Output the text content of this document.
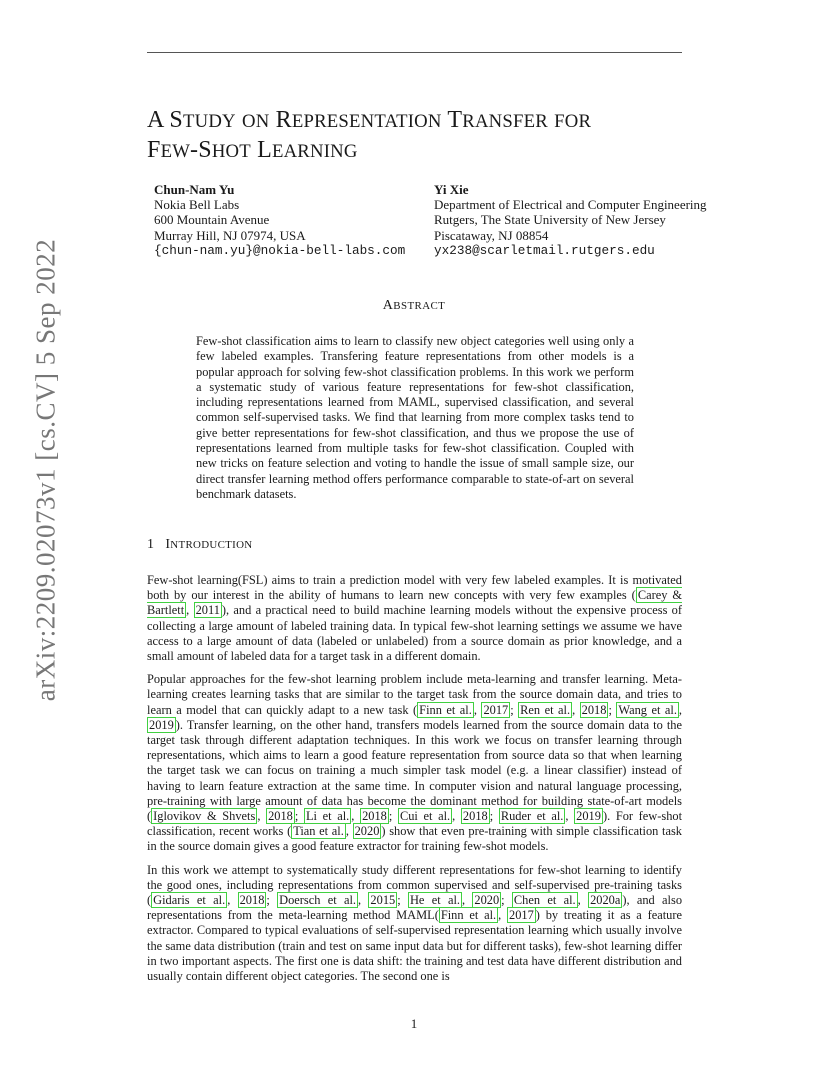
arXiv:2209.02073v1 [cs.CV] 5 Sep 2022
A STUDY ON REPRESENTATION TRANSFER FOR
FEW-SHOT LEARNING
Chun-Nam Yu
Nokia Bell Labs
600 Mountain Avenue
Murray Hill, NJ 07974, USA
{chun-nam.yu}@nokia-bell-labs.com
Yi Xie
Department of Electrical and Computer Engineering
Rutgers, The State University of New Jersey
Piscataway, NJ 08854
yx238@scarletmail.rutgers.edu
ABSTRACT
Few-shot classification aims to learn to classify new object categories well using only a few labeled examples. Transfering feature representations from other models is a popular approach for solving few-shot classification problems. In this work we perform a systematic study of various feature representations for few-shot classification, including representations learned from MAML, supervised classification, and several common self-supervised tasks. We find that learning from more complex tasks tend to give better representations for few-shot classification, and thus we propose the use of representations learned from multiple tasks for few-shot classification. Coupled with new tricks on feature selection and voting to handle the issue of small sample size, our direct transfer learning method offers performance comparable to state-of-art on several benchmark datasets.
1 INTRODUCTION

Few-shot learning(FSL) aims to train a prediction model with very few labeled examples. It is motivated both by our interest in the ability of humans to learn new concepts with very few examples ( Carey & Bartlett , 2011 ), and a practical need to build machine learning models without the expensive process of collecting a large amount of labeled training data. In typical few-shot learning settings we assume we have access to a large amount of data (labeled or unlabeled) from a source domain as prior knowledge, and a small amount of labeled data for a target task in a different domain.

Popular approaches for the few-shot learning problem include meta-learning and transfer learning. Meta-learning creates learning tasks that are similar to the target task from the source domain data, and tries to learn a model that can quickly adapt to a new task ( Finn et al. , 2017 ; Ren et al. , 2018 ; Wang et al. , 2019 ). Transfer learning, on the other hand, transfers models learned from the source domain data to the target task through different adaptation techniques. In this work we focus on transfer learning through representations, which aims to learn a good feature representation from source data so that when learning the target task we can focus on training a much simpler task model (e.g. a linear classifier) instead of having to learn feature extraction at the same time. In computer vision and natural language processing, pre-training with large amount of data has become the dominant method for building state-of-art models ( Iglovikov & Shvets , 2018 ; Li et al. , 2018 ; Cui et al. , 2018 ; Ruder et al. , 2019 ). For few-shot classification, recent works ( Tian et al. , 2020 ) show that even pre-training with simple classification task in the source domain gives a good feature extractor for training few-shot models.

In this work we attempt to systematically study different representations for few-shot learning to identify the good ones, including representations from common supervised and self-supervised pre-training tasks ( Gidaris et al. , 2018 ; Doersch et al. , 2015 ; He et al. , 2020 ; Chen et al. , 2020a ), and also representations from the meta-learning method MAML( Finn et al. , 2017 ) by treating it as a feature extractor. Compared to typical evaluations of self-supervised representation learning which usually involve the same data distribution (train and test on same input data but for different tasks), few-shot learning differ in two important aspects. The first one is data shift: the training and test data have different distribution and usually contain different object categories. The second one is

1
